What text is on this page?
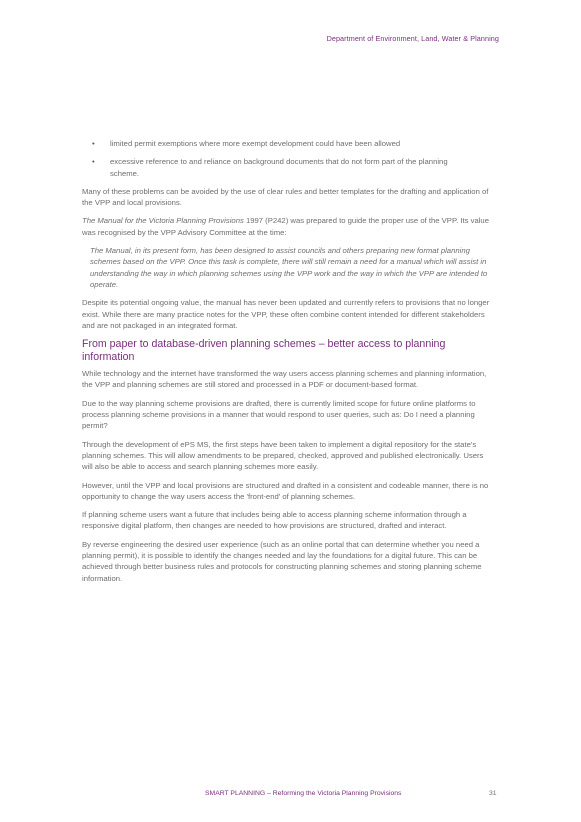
Department of Environment, Land, Water & Planning
• limited permit exemptions where more exempt development could have been allowed
• excessive reference to and reliance on background documents that do not form part of the planning scheme.

Many of these problems can be avoided by the use of clear rules and better templates for the drafting and application of the VPP and local provisions.

The Manual for the Victoria Planning Provisions 1997 (P242) was prepared to guide the proper use of the VPP. Its value was recognised by the VPP Advisory Committee at the time:

The Manual, in its present form, has been designed to assist councils and others preparing new format planning schemes based on the VPP. Once this task is complete, there will still remain a need for a manual which will assist in understanding the way in which planning schemes using the VPP work and the way in which the VPP are intended to operate.

Despite its potential ongoing value, the manual has never been updated and currently refers to provisions that no longer exist. While there are many practice notes for the VPP, these often combine content intended for different stakeholders and are not packaged in an integrated format.

From paper to database-driven planning schemes – better access to planning information

While technology and the internet have transformed the way users access planning schemes and planning information, the VPP and planning schemes are still stored and processed in a PDF or document-based format.

Due to the way planning scheme provisions are drafted, there is currently limited scope for future online platforms to process planning scheme provisions in a manner that would respond to user queries, such as: Do I need a planning permit?

Through the development of ePS MS, the first steps have been taken to implement a digital repository for the state's planning schemes. This will allow amendments to be prepared, checked, approved and published electronically. Users will also be able to access and search planning schemes more easily.

However, until the VPP and local provisions are structured and drafted in a consistent and codeable manner, there is no opportunity to change the way users access the 'front-end' of planning schemes.

If planning scheme users want a future that includes being able to access planning scheme information through a responsive digital platform, then changes are needed to how provisions are structured, drafted and interact.

By reverse engineering the desired user experience (such as an online portal that can determine whether you need a planning permit), it is possible to identify the changes needed and lay the foundations for a digital future. This can be achieved through better business rules and protocols for constructing planning schemes and storing planning scheme information.

SMART PLANNING – Reforming the Victoria Planning Provisions	31
